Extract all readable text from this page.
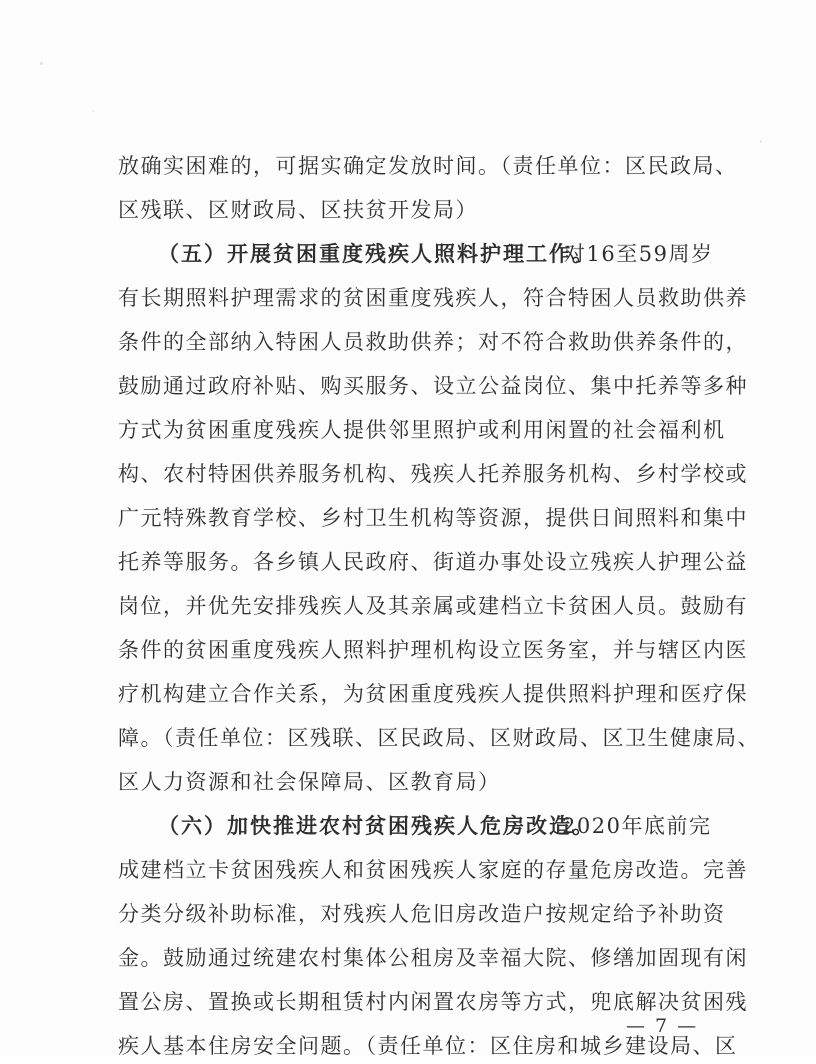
放确实困难的，可据实确定发放时间。（责任单位：区民政局、
区残联、区财政局、区扶贫开发局）
（五）开展贫困重度残疾人照料护理工作。
对16至59周岁
有长期照料护理需求的贫困重度残疾人，符合特困人员救助供养
条件的全部纳入特困人员救助供养；对不符合救助供养条件的，
鼓励通过政府补贴、购买服务、设立公益岗位、集中托养等多种
方式为贫困重度残疾人提供邻里照护或利用闲置的社会福利机
构、农村特困供养服务机构、残疾人托养服务机构、乡村学校或
广元特殊教育学校、乡村卫生机构等资源，提供日间照料和集中
托养等服务。各乡镇人民政府、街道办事处设立残疾人护理公益
岗位，并优先安排残疾人及其亲属或建档立卡贫困人员。鼓励有
条件的贫困重度残疾人照料护理机构设立医务室，并与辖区内医
疗机构建立合作关系，为贫困重度残疾人提供照料护理和医疗保
障。（责任单位：区残联、区民政局、区财政局、区卫生健康局、
区人力资源和社会保障局、区教育局）
（六）加快推进农村贫困残疾人危房改造。
2020年底前完
成建档立卡贫困残疾人和贫困残疾人家庭的存量危房改造。完善
分类分级补助标准，对残疾人危旧房改造户按规定给予补助资
金。鼓励通过统建农村集体公租房及幸福大院、修缮加固现有闲
置公房、置换或长期租赁村内闲置农房等方式，兜底解决贫困残
疾人基本住房安全问题。（责任单位：区住房和城乡建设局、区
— 7 —
